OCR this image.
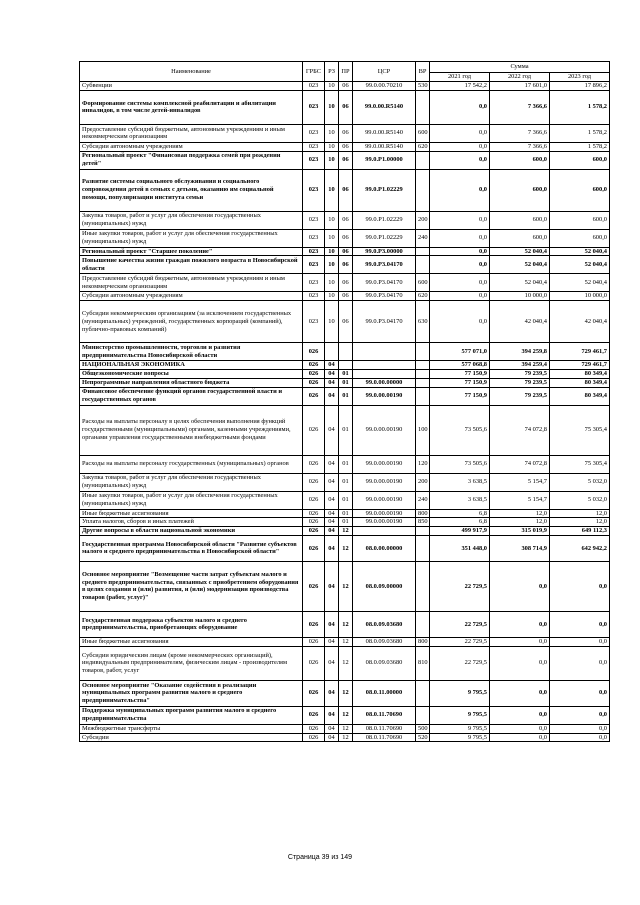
Наименование	ГРБС	РЗ	ПР	ЦСР	ВР	Сумма		
						2021 год	2022 год	2023 год
Субвенции	023	10	06	99.0.00.70210	530	17 542,2	17 601,0	17 896,2
Формирование системы комплексной реабилитации и абилитации инвалидов, в том числе детей-инвалидов	023	10	06	99.0.00.R5140		0,0	7 366,6	1 578,2
Предоставление субсидий бюджетным, автономным учреждениям и иным некоммерческим организациям	023	10	06	99.0.00.R5140	600	0,0	7 366,6	1 578,2
Субсидии автономным учреждениям	023	10	06	99.0.00.R5140	620	0,0	7 366,6	1 578,2
Региональный проект "Финансовая поддержка семей при рождении детей"	023	10	06	99.0.P1.00000		0,0	600,0	600,0
Развитие системы социального обслуживания и социального сопровождения детей в семьях с детьми, оказанию им социальной помощи, популяризации института семьи	023	10	06	99.0.P1.02229		0,0	600,0	600,0
Закупка товаров, работ и услуг для обеспечения государственных (муниципальных) нужд	023	10	06	99.0.P1.02229	200	0,0	600,0	600,0
Иные закупки товаров, работ и услуг для обеспечения государственных (муниципальных) нужд	023	10	06	99.0.P1.02229	240	0,0	600,0	600,0
Региональный проект "Старшее поколение"	023	10	06	99.0.P3.00000		0,0	52 040,4	52 040,4
Повышение качества жизни граждан пожилого возраста в Новосибирской области	023	10	06	99.0.P3.04170		0,0	52 040,4	52 040,4
Предоставление субсидий бюджетным, автономным учреждениям и иным некоммерческим организациям	023	10	06	99.0.P3.04170	600	0,0	52 040,4	52 040,4
Субсидии автономным учреждениям	023	10	06	99.0.P3.04170	620	0,0	10 000,0	10 000,0
Субсидии некоммерческим организациям (за исключением государственных (муниципальных) учреждений, государственных корпораций (компаний), публично-правовых компаний)	023	10	06	99.0.P3.04170	630	0,0	42 040,4	42 040,4
Министерство промышленности, торговли и развития предпринимательства Новосибирской области	026					577 071,0	394 259,8	729 461,7
НАЦИОНАЛЬНАЯ ЭКОНОМИКА	026	04				577 068,8	394 259,4	729 461,7
Общеэкономические вопросы	026	04	01			77 150,9	79 239,5	80 349,4
Непрограммные направления областного бюджета	026	04	01	99.0.00.00000		77 150,9	79 239,5	80 349,4
Финансовое обеспечение функций органов государственной власти и государственных органов	026	04	01	99.0.00.00190		77 150,9	79 239,5	80 349,4
Расходы на выплаты персоналу в целях обеспечения выполнения функций государственными (муниципальными) органами, казенными учреждениями, органами управления государственными внебюджетными фондами	026	04	01	99.0.00.00190	100	73 505,6	74 072,8	75 305,4
Расходы на выплаты персоналу государственных (муниципальных) органов	026	04	01	99.0.00.00190	120	73 505,6	74 072,8	75 305,4
Закупка товаров, работ и услуг для обеспечения государственных (муниципальных) нужд	026	04	01	99.0.00.00190	200	3 638,5	5 154,7	5 032,0
Иные закупки товаров, работ и услуг для обеспечения государственных (муниципальных) нужд	026	04	01	99.0.00.00190	240	3 638,5	5 154,7	5 032,0
Иные бюджетные ассигнования	026	04	01	99.0.00.00190	800	6,8	12,0	12,0
Уплата налогов, сборов и иных платежей	026	04	01	99.0.00.00190	850	6,8	12,0	12,0
Другие вопросы в области национальной экономики	026	04	12			499 917,9	315 019,9	649 112,3
Государственная программа Новосибирской области "Развитие субъектов малого и среднего предпринимательства в Новосибирской области"	026	04	12	08.0.00.00000		351 448,0	308 714,9	642 942,2
Основное мероприятие "Возмещение части затрат субъектам малого и среднего предпринимательства, связанных с приобретением оборудования в целях создания и (или) развития, и (или) модернизации производства товаров (работ, услуг)"	026	04	12	08.0.09.00000		22 729,5	0,0	0,0
Государственная поддержка субъектов малого и среднего предпринимательства, приобретающих оборудование	026	04	12	08.0.09.03680		22 729,5	0,0	0,0
Иные бюджетные ассигнования	026	04	12	08.0.09.03680	800	22 729,5	0,0	0,0
Субсидии юридическим лицам (кроме некоммерческих организаций), индивидуальным предпринимателям, физическим лицам - производителям товаров, работ, услуг	026	04	12	08.0.09.03680	810	22 729,5	0,0	0,0
Основное мероприятие "Оказание содействия в реализации муниципальных программ развития малого и среднего предпринимательства"	026	04	12	08.0.11.00000		9 795,5	0,0	0,0
Поддержка муниципальных программ развития малого и среднего предпринимательства	026	04	12	08.0.11.70690		9 795,5	0,0	0,0
Межбюджетные трансферты	026	04	12	08.0.11.70690	500	9 795,5	0,0	0,0
Субсидии	026	04	12	08.0.11.70690	520	9 795,5	0,0	0,0
Страница 39 из 149
